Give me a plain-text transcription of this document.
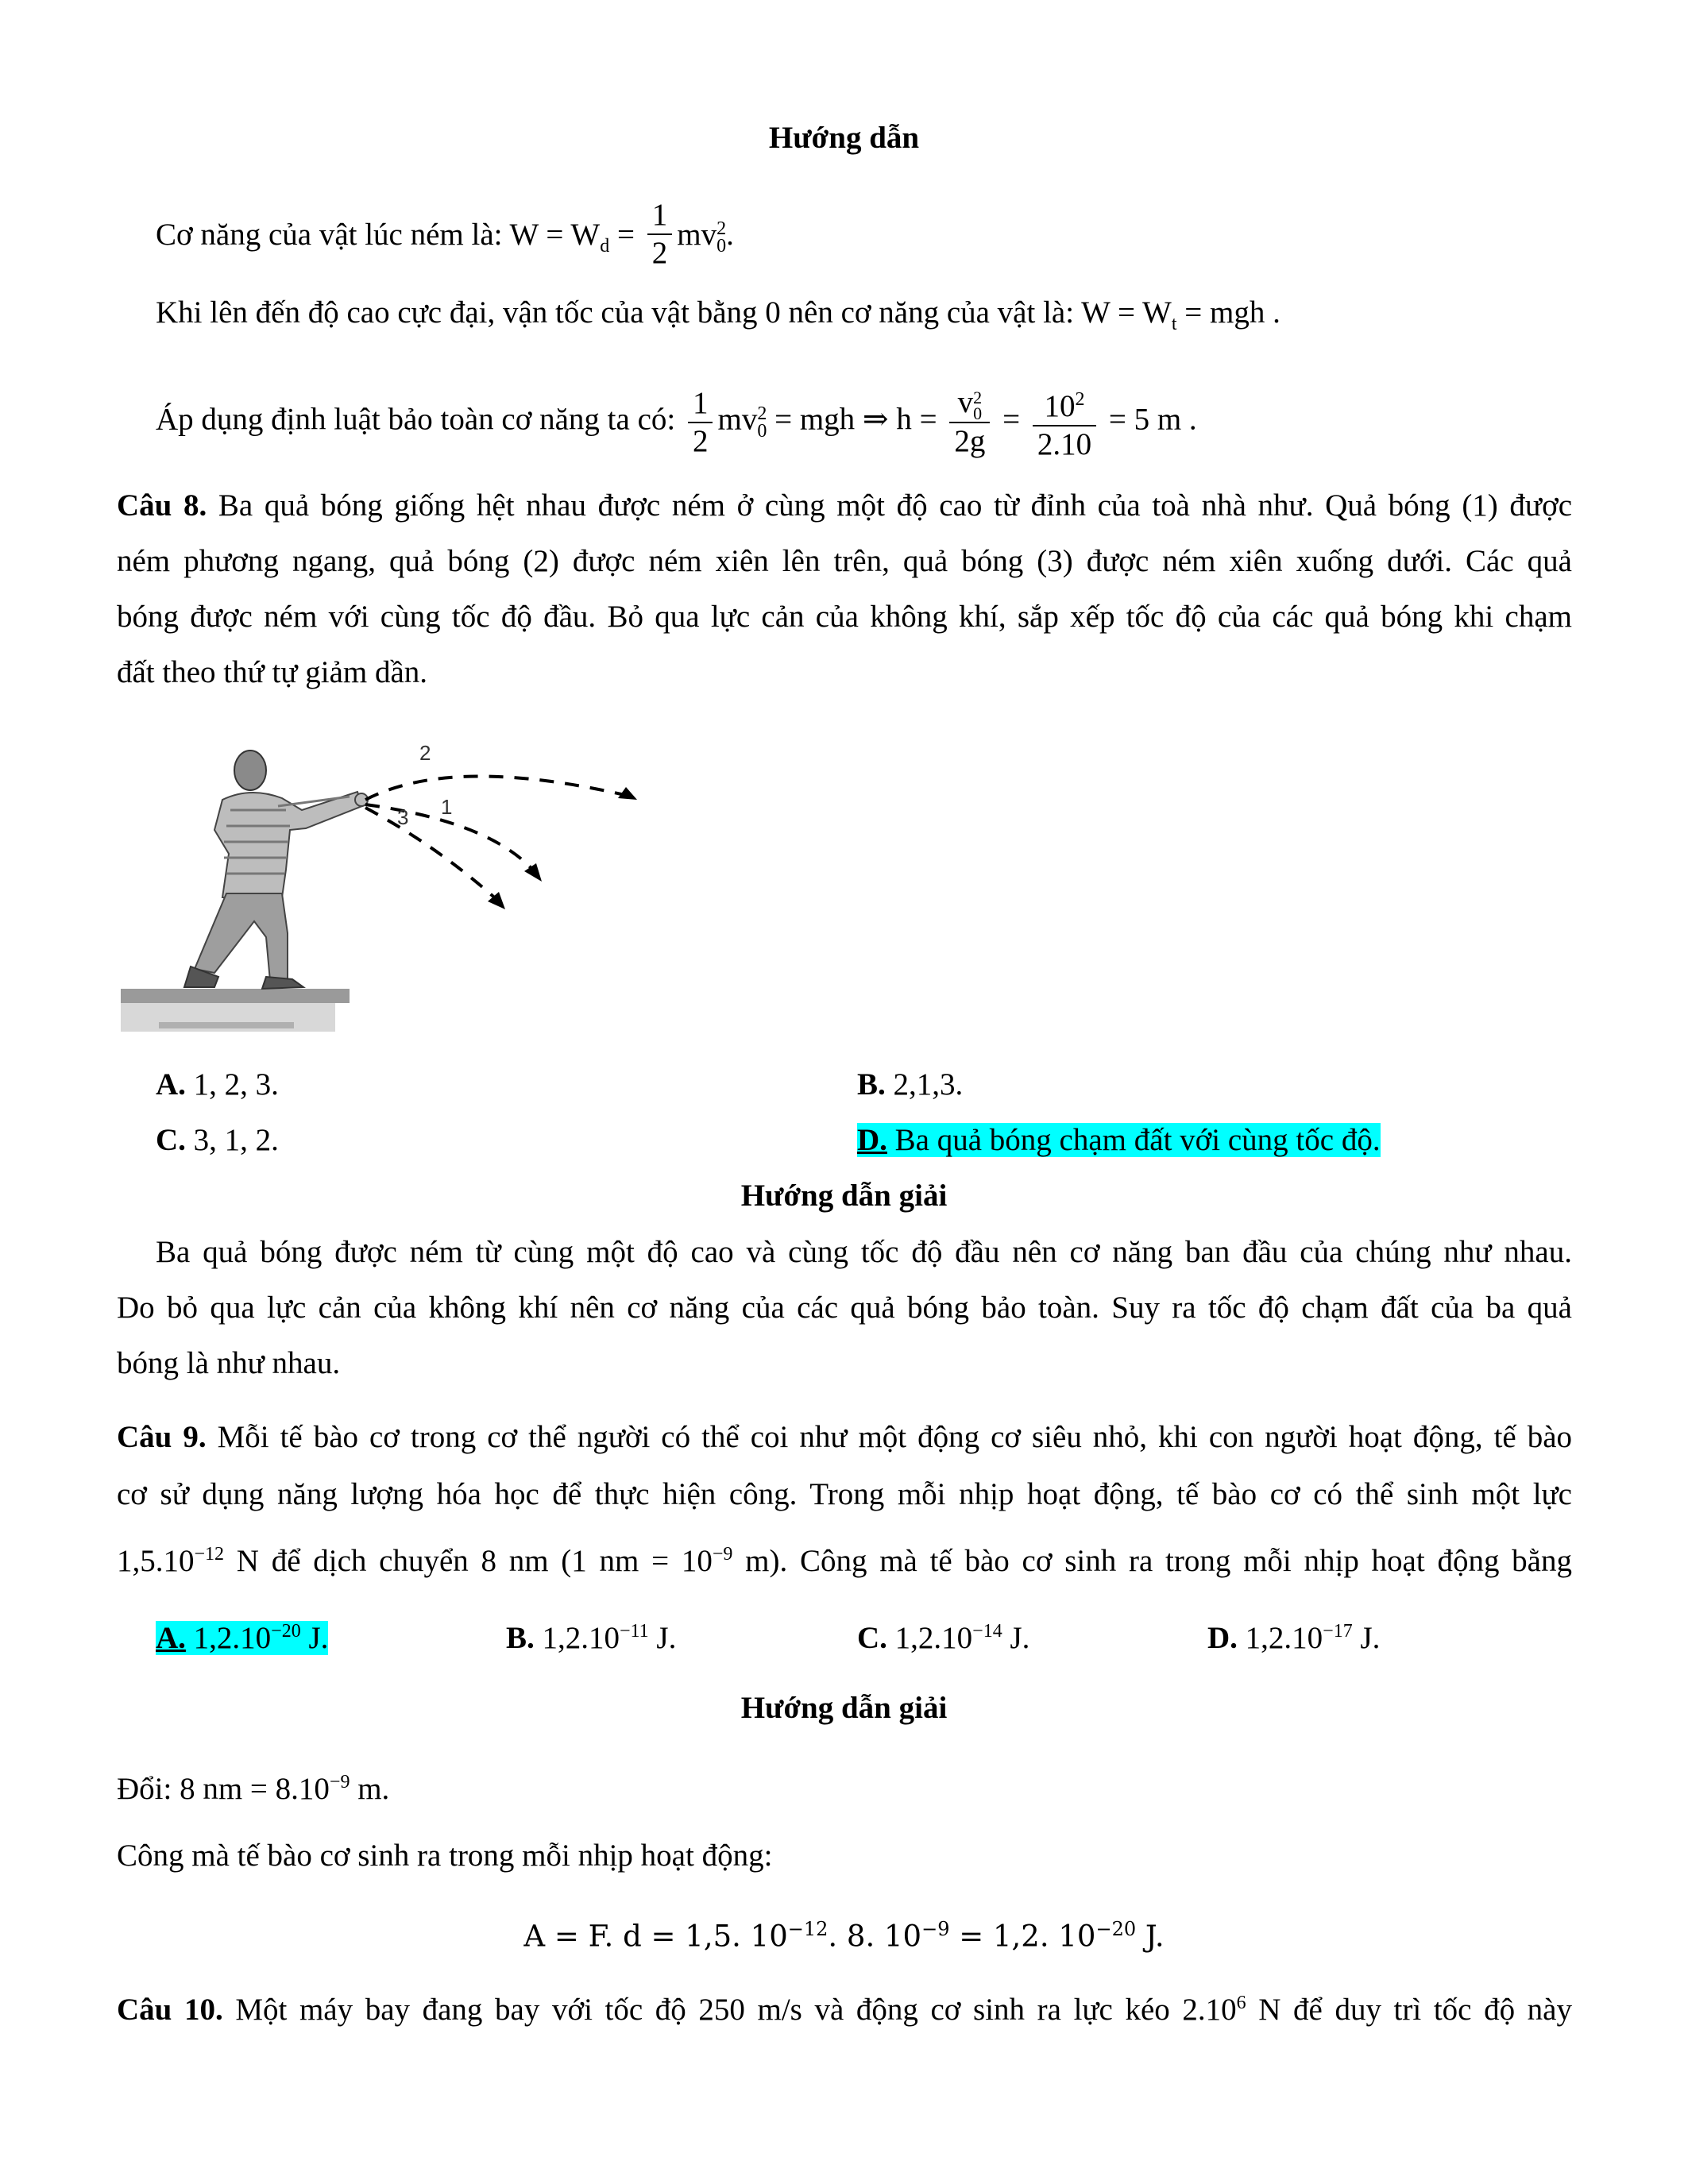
Hướng dẫn
Cơ năng của vật lúc ném là: $W = W_d = \frac{1}{2}$ mv 2
0 .
Khi lên đến độ cao cực đại, vận tốc của vật bằng 0 nên cơ năng của vật là: $W = W_t$ = mgh .
Áp dụng định luật bảo toàn cơ năng ta có: $\frac{1}{2}$ mv 2
0 = mgh ⇒ h = v 2
0
$2g = \frac{10^2}{2.10} = 5$ m .
Câu 8. Ba quả bóng giống hệt nhau được ném ở cùng một độ cao từ đỉnh của toà nhà như. Quả bóng (1) được
ném phương ngang, quả bóng (2) được ném xiên lên trên, quả bóng (3) được ném xiên xuống dưới. Các quả
bóng được ném với cùng tốc độ đầu. Bỏ qua lực cản của không khí, sắp xếp tốc độ của các quả bóng khi chạm
đất theo thứ tự giảm dần.
2
3 1
A. 1, 2, 3.	B. 2,1,3.
C. 3, 1, 2.	D. Ba quả bóng chạm đất với cùng tốc độ.
Hướng dẫn giải
Ba quả bóng được ném từ cùng một độ cao và cùng tốc độ đầu nên cơ năng ban đầu của chúng như nhau.
Do bỏ qua lực cản của không khí nên cơ năng của các quả bóng bảo toàn. Suy ra tốc độ chạm đất của ba quả
bóng là như nhau.
Câu 9. Mỗi tế bào cơ trong cơ thể người có thể coi như một động cơ siêu nhỏ, khi con người hoạt động, tế bào
cơ sử dụng năng lượng hóa học để thực hiện công. Trong mỗi nhịp hoạt động, tế bào cơ có thể sinh một lực
$1,5.10^{-12}$ N để dịch chuyển 8 nm (1 nm = $10^{-9}$ m). Công mà tế bào cơ sinh ra trong mỗi nhịp hoạt động bằng
A. $1,2.10^{-20}$ J.	B. $1,2.10^{-11}$ J.	C. $1,2.10^{-14}$ J.	D. $1,2.10^{-17}$ J.
Hướng dẫn giải
Đổi: 8 nm = $8.10^{-9}$ m.
Công mà tế bào cơ sinh ra trong mỗi nhịp hoạt động:
A = F. d = 1,5. $10^{-12}$. 8. $10^{-9} = 1,2$. $10^{-20}$ J.
Câu 10. Một máy bay đang bay với tốc độ 250 m/s và động cơ sinh ra lực kéo 2.10$^6$ N để duy trì tốc độ này
